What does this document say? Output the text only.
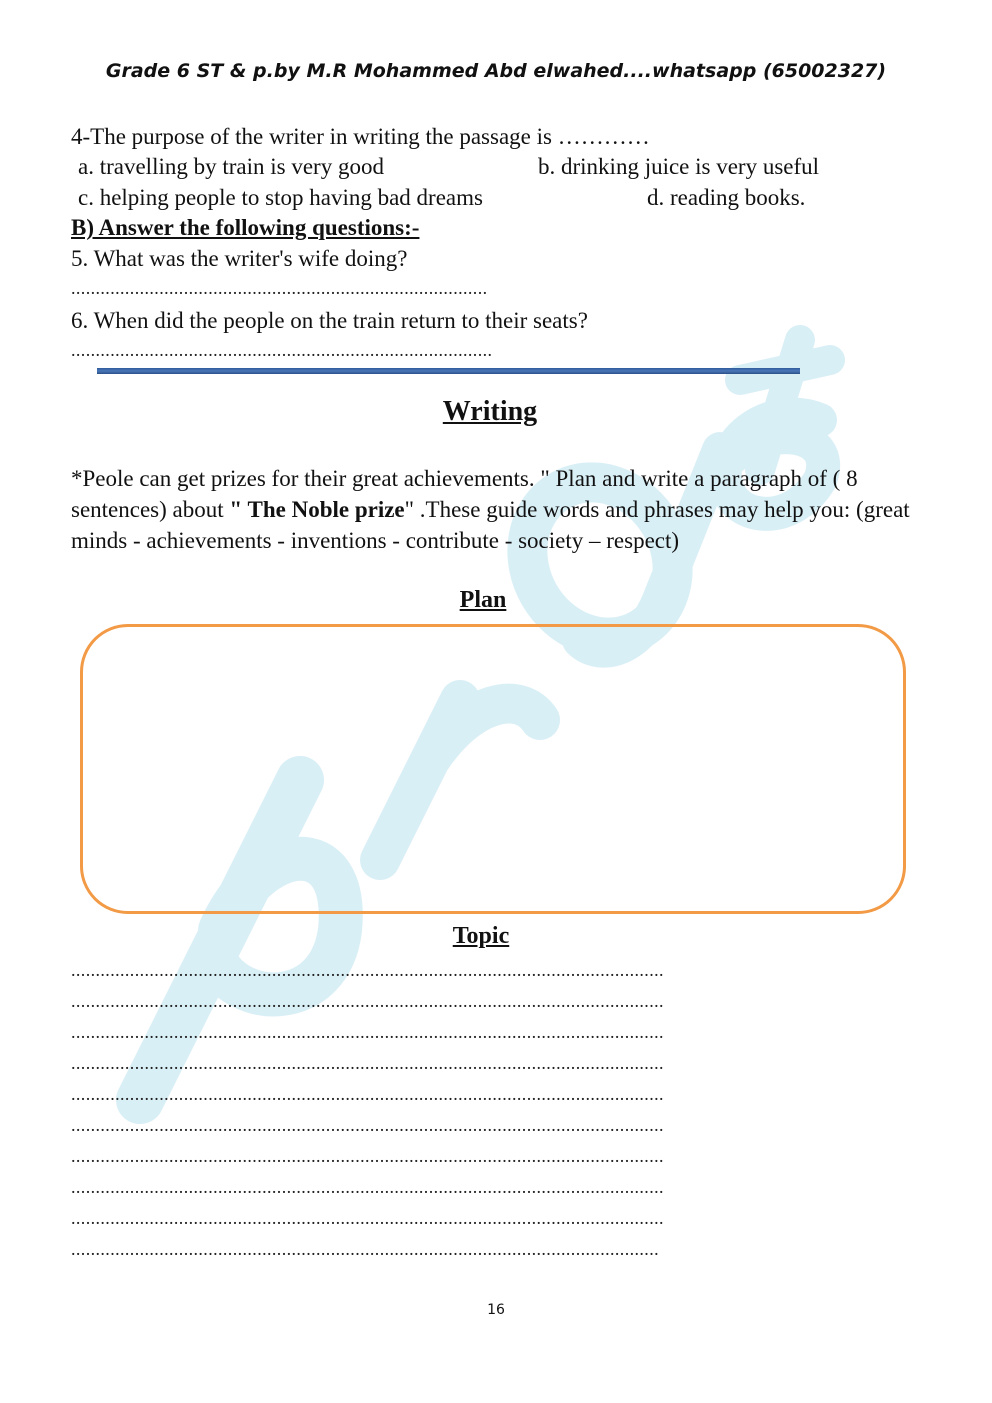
Grade 6 ST & p.by M.R Mohammed Abd elwahed....whatsapp (65002327)
4-The purpose of the writer in writing the passage is …………
a. travelling by train is very good	b. drinking juice is very useful
c. helping people to stop having bad dreams	d. reading books.
B) Answer the following questions:-
5. What was the writer's wife doing?
.....................................................................................
6. When did the people on the train return to their seats?
......................................................................................
Writing
*Peole can get prizes for their great achievements. " Plan and write a paragraph of ( 8 sentences) about " The Noble prize" .These guide words and phrases may help you: (great minds - achievements - inventions - contribute - society – respect)
Plan
Topic
.........................................................................................................................
.........................................................................................................................
.........................................................................................................................
.........................................................................................................................
.........................................................................................................................
.........................................................................................................................
.........................................................................................................................
.........................................................................................................................
.........................................................................................................................
........................................................................................................................
16
